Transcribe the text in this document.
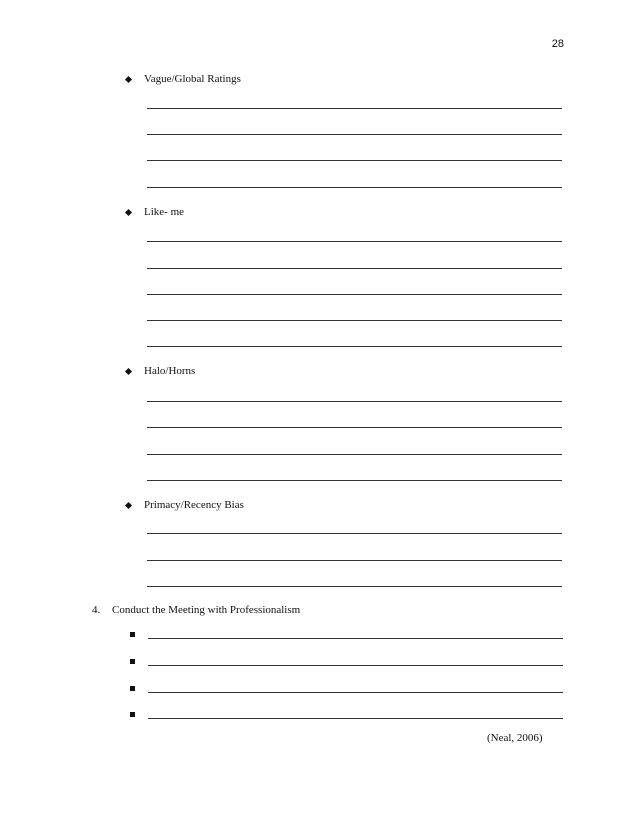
28
Vague/Global Ratings
Like- me
Halo/Horns
Primacy/Recency Bias
4.	Conduct the Meeting with Professionalism
(Neal, 2006)
